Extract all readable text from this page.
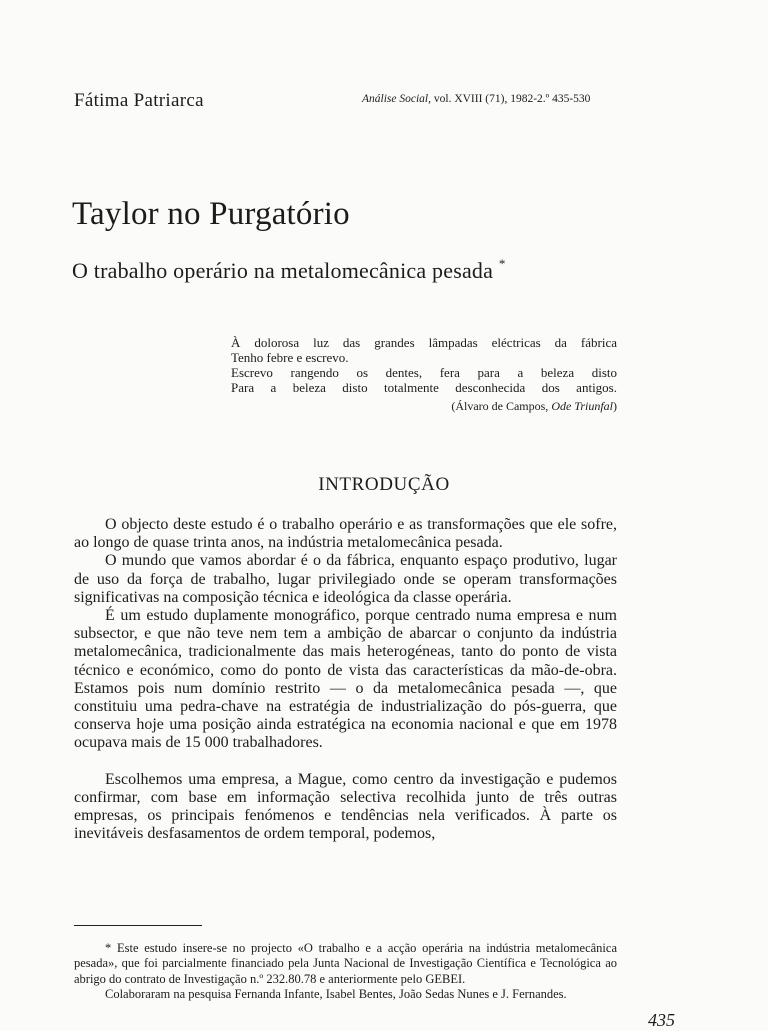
Fátima Patriarca	Análise Social, vol. XVIII (71), 1982-2.º 435-530
Taylor no Purgatório
O trabalho operário na metalomecânica pesada *
À dolorosa luz das grandes lâmpadas eléctricas da fábrica
Tenho febre e escrevo.
Escrevo rangendo os dentes, fera para a beleza disto
Para a beleza disto totalmente desconhecida dos antigos.
(Álvaro de Campos, Ode Triunfal)
INTRODUÇÃO

O objecto deste estudo é o trabalho operário e as transformações que ele sofre, ao longo de quase trinta anos, na indústria metalomecânica pesada.

O mundo que vamos abordar é o da fábrica, enquanto espaço produtivo, lugar de uso da força de trabalho, lugar privilegiado onde se operam transformações significativas na composição técnica e ideológica da classe operária.

É um estudo duplamente monográfico, porque centrado numa empresa e num subsector, e que não teve nem tem a ambição de abarcar o conjunto da indústria metalomecânica, tradicionalmente das mais heterogéneas, tanto do ponto de vista técnico e económico, como do ponto de vista das características da mão-de-obra. Estamos pois num domínio restrito — o da metalomecânica pesada —, que constituiu uma pedra-chave na estratégia de industrialização do pós-guerra, que conserva hoje uma posição ainda estratégica na economia nacional e que em 1978 ocupava mais de 15 000 trabalhadores.

Escolhemos uma empresa, a Mague, como centro da investigação e pudemos confirmar, com base em informação selectiva recolhida junto de três outras empresas, os principais fenómenos e tendências nela verificados. À parte os inevitáveis desfasamentos de ordem temporal, podemos,

* Este estudo insere-se no projecto «O trabalho e a acção operária na indústria metalomecânica pesada», que foi parcialmente financiado pela Junta Nacional de Investigação Científica e Tecnológica ao abrigo do contrato de Investigação n.º 232.80.78 e anteriormente pelo GEBEI.

Colaboraram na pesquisa Fernanda Infante, Isabel Bentes, João Sedas Nunes e J. Fernandes.

435
